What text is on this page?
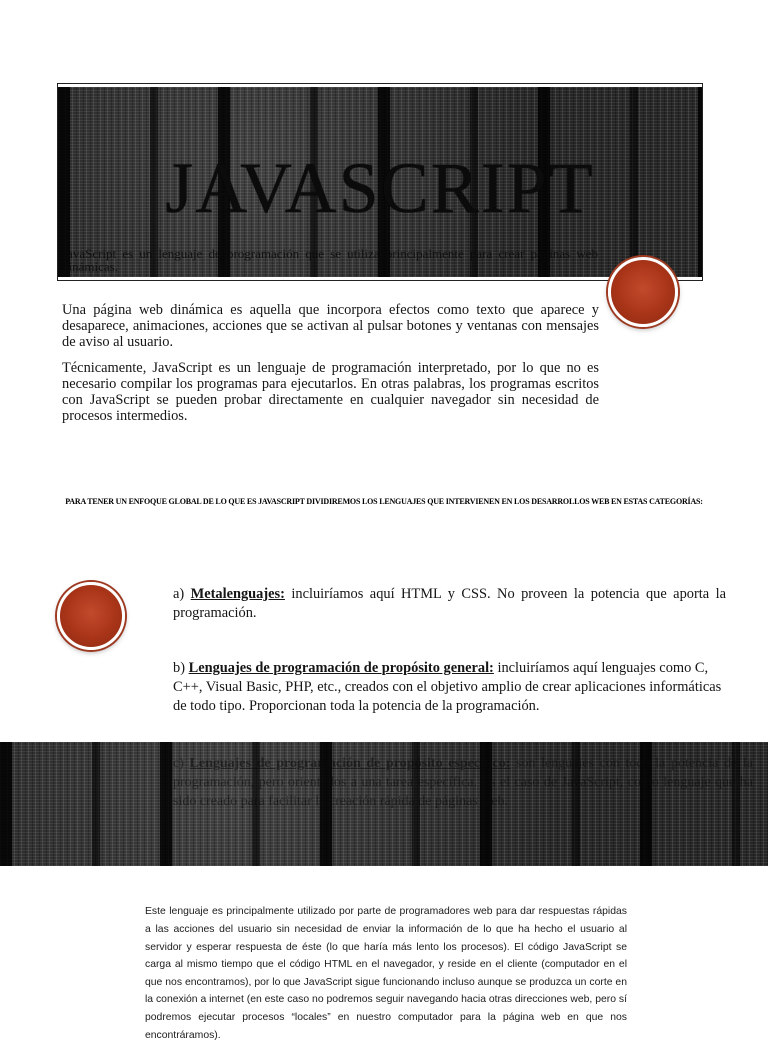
JAVASCRIPT
JavaScript es un lenguaje de programación que se utiliza principalmente para crear páginas web dinámicas.

Una página web dinámica es aquella que incorpora efectos como texto que aparece y desaparece, animaciones, acciones que se activan al pulsar botones y ventanas con mensajes de aviso al usuario.

Técnicamente, JavaScript es un lenguaje de programación interpretado, por lo que no es necesario compilar los programas para ejecutarlos. En otras palabras, los programas escritos con JavaScript se pueden probar directamente en cualquier navegador sin necesidad de procesos intermedios.

PARA TENER UN ENFOQUE GLOBAL DE LO QUE ES JAVASCRIPT DIVIDIREMOS LOS LENGUAJES QUE INTERVIENEN EN LOS DESARROLLOS WEB EN ESTAS CATEGORÍAS:
a) Metalenguajes: incluiríamos aquí HTML y CSS. No proveen la potencia que aporta la programación.
b) Lenguajes de programación de propósito general: incluiríamos aquí lenguajes como C, C++, Visual Basic, PHP, etc., creados con el objetivo amplio de crear aplicaciones informáticas de todo tipo. Proporcionan toda la potencia de la programación.
c) Lenguajes de programación de propósito específico: son lenguajes con toda la potencia de la programación, pero orientados a una tarea específica. Es el caso de JavaScript, como lenguaje que ha sido creado para facilitar la creación rápida de páginas web.

Este lenguaje es principalmente utilizado por parte de programadores web para dar respuestas rápidas a las acciones del usuario sin necesidad de enviar la información de lo que ha hecho el usuario al servidor y esperar respuesta de éste (lo que haría más lento los procesos). El código JavaScript se carga al mismo tiempo que el código HTML en el navegador, y reside en el cliente (computador en el que nos encontramos), por lo que JavaScript sigue funcionando incluso aunque se produzca un corte en la conexión a internet (en este caso no podremos seguir navegando hacia otras direcciones web, pero sí podremos ejecutar procesos “locales” en nuestro computador para la página web en que nos encontráramos).
